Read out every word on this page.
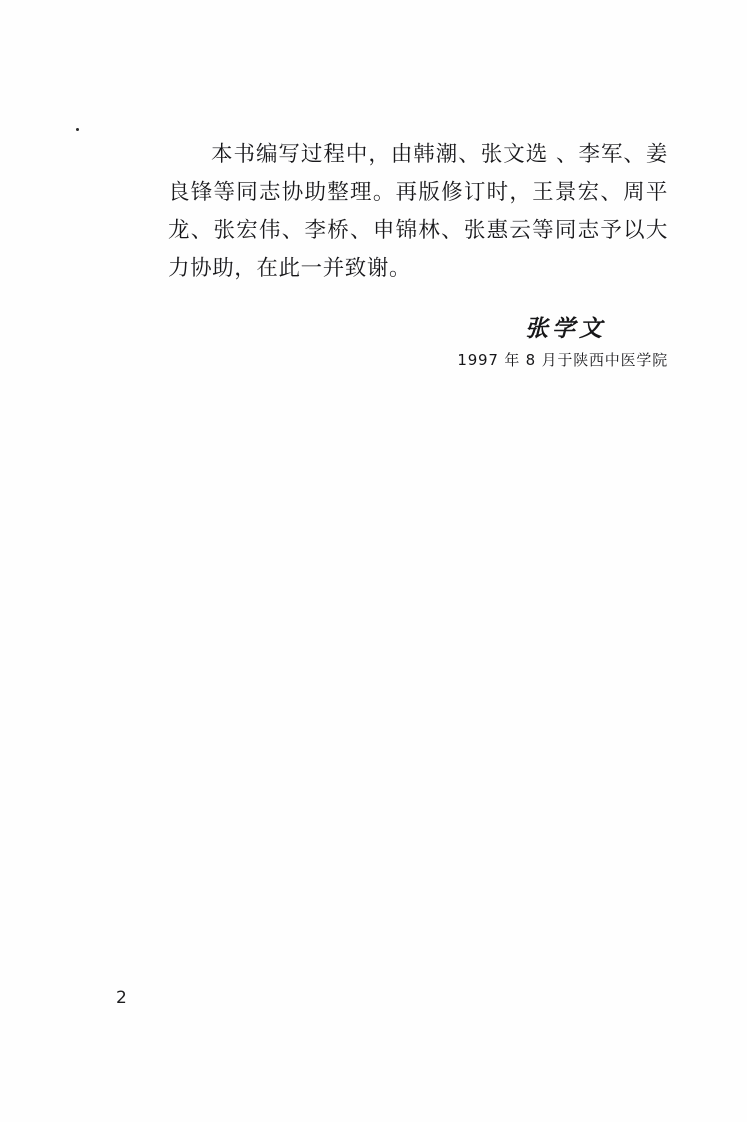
本书编写过程中，由韩潮、张文选 、李军、姜良锋等同志协助整理。再版修订时，王景宏、周平龙、张宏伟、李桥、申锦林、张惠云等同志予以大力协助，在此一并致谢。

张学文

1997 年 8 月于陕西中医学院

2
